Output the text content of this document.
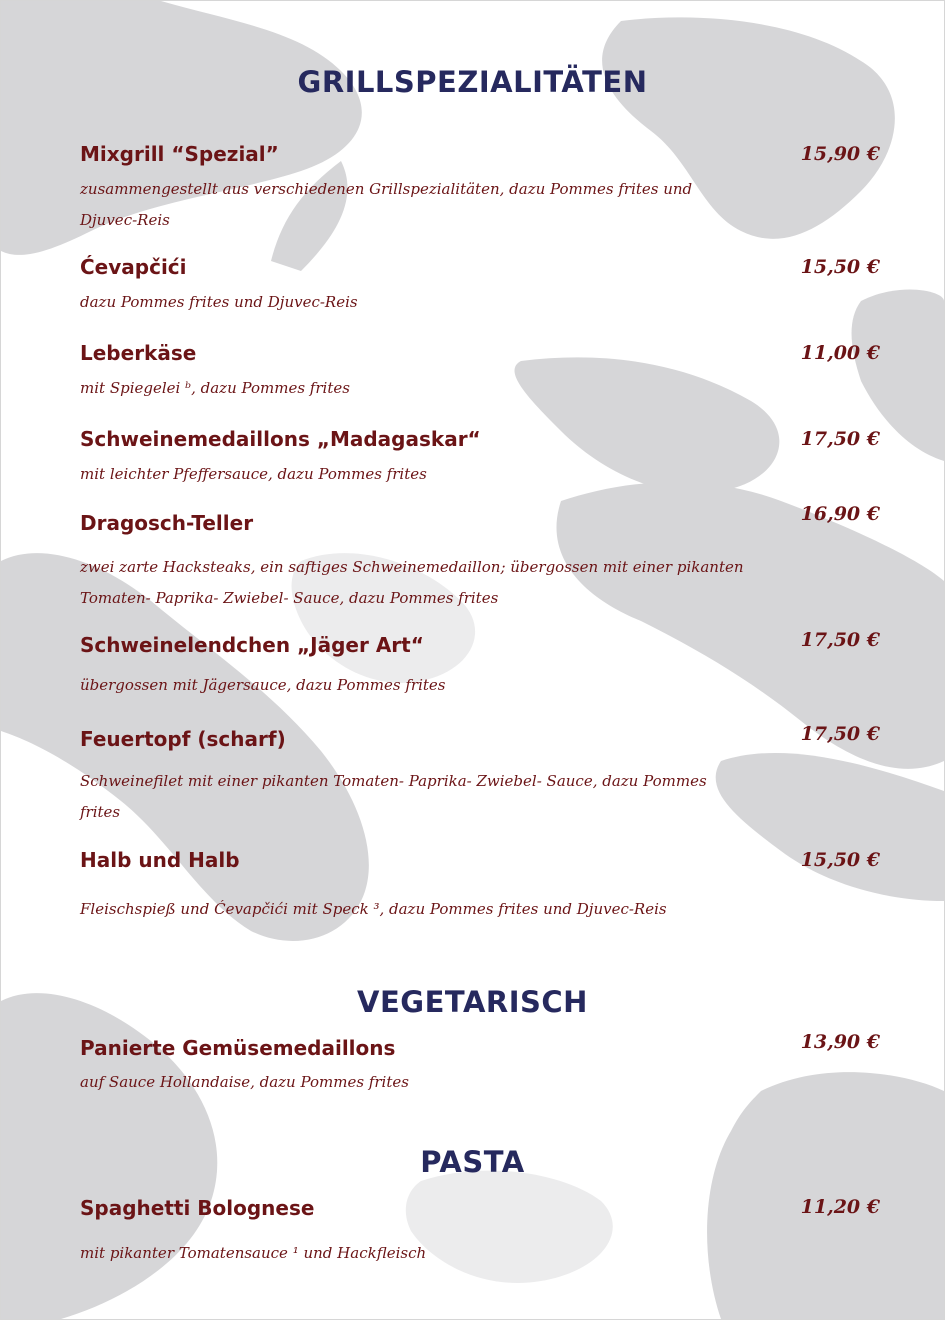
GRILLSPEZIALITÄTEN

Mixgrill “Spezial”	15,90 €

zusammengestellt aus verschiedenen Grillspezialitäten, dazu Pommes frites und Djuvec-Reis

Ćevapčići	15,50 €

dazu Pommes frites und Djuvec-Reis

Leberkäse	11,00 €

mit Spiegelei ᵇ, dazu Pommes frites

Schweinemedaillons „Madagaskar“	17,50 €

mit leichter Pfeffersauce, dazu Pommes frites

Dragosch-Teller	16,90 €

zwei zarte Hacksteaks, ein saftiges Schweinemedaillon; übergossen mit einer pikanten Tomaten- Paprika- Zwiebel- Sauce, dazu Pommes frites

Schweinelendchen „Jäger Art“	17,50 €

übergossen mit Jägersauce, dazu Pommes frites

Feuertopf (scharf)	17,50 €

Schweinefilet mit einer pikanten Tomaten- Paprika- Zwiebel- Sauce, dazu Pommes frites

Halb und Halb	15,50 €

Fleischspieß und Ćevapčići mit Speck ³, dazu Pommes frites und Djuvec-Reis

VEGETARISCH

Panierte Gemüsemedaillons	13,90 €

auf Sauce Hollandaise, dazu Pommes frites

PASTA

Spaghetti Bolognese	11,20 €

mit pikanter Tomatensauce ¹ und Hackfleisch
